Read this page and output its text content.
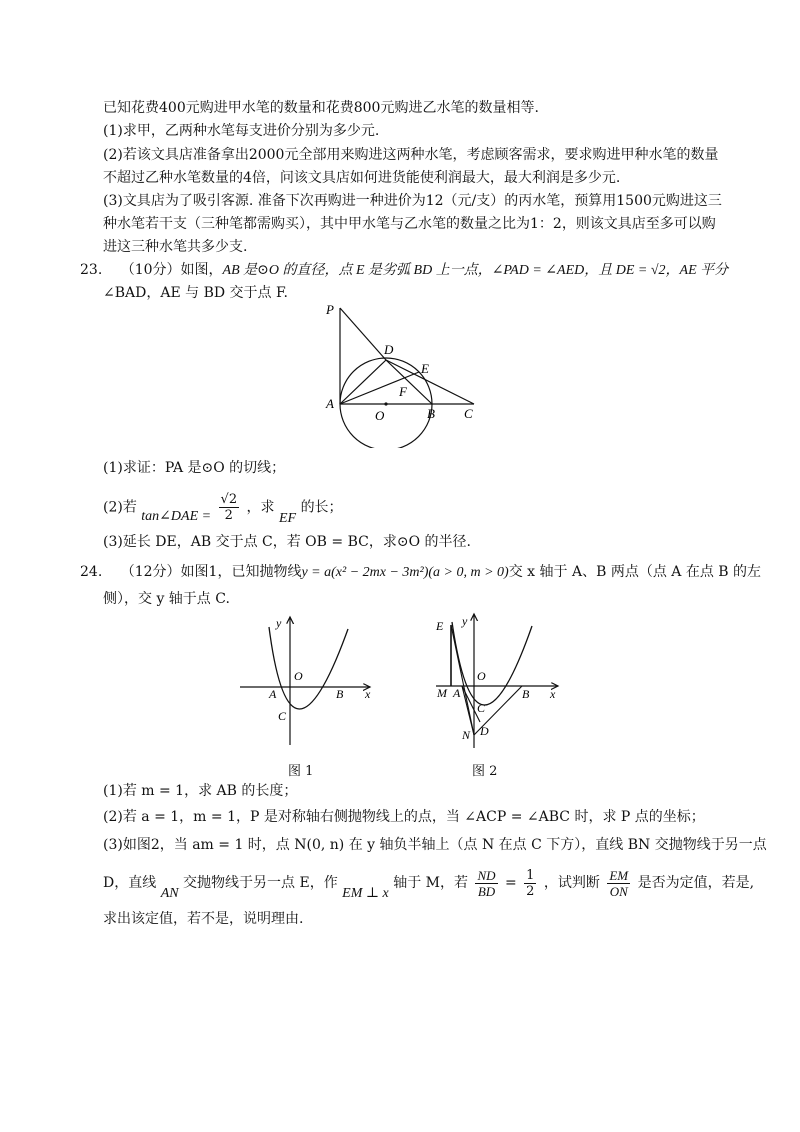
已知花费400元购进甲水笔的数量和花费800元购进乙水笔的数量相等.
(1)求甲，乙两种水笔每支进价分别为多少元.
(2)若该文具店准备拿出2000元全部用来购进这两种水笔，考虑顾客需求，要求购进甲种水笔的数量
不超过乙种水笔数量的4倍，问该文具店如何进货能使利润最大，最大利润是多少元.
(3)文具店为了吸引客源. 准备下次再购进一种进价为12（元/支）的丙水笔，预算用1500元购进这三
种水笔若干支（三种笔都需购买），其中甲水笔与乙水笔的数量之比为1：2，则该文具店至多可以购
进这三种水笔共多少支.
23. （10分）如图，AB 是⊙O 的直径，点 E 是劣弧 BD 上一点，∠PAD = ∠AED，且 DE = √2，AE 平分
∠BAD，AE 与 BD 交于点 F.
P
D
E
F
A
O	B C
(1)求证：PA 是⊙O 的切线；
(2)若 tan∠DAE = $\frac{√2}{2}$ ，求 EF 的长；
(3)延长 DE，AB 交于点 C，若 OB = BC，求⊙O 的半径.
24. （12分）如图1，已知抛物线y = a(x² − 2mx − 3m²)(a > 0, m > 0)交 x 轴于 A、B 两点（点 A 在点 B 的左
侧），交 y 轴于点 C.
y
O
A	B x
C
E y
O
M A	B x
C
N D
图 1	图 2
(1)若 m = 1，求 AB 的长度；
(2)若 a = 1，m = 1，P 是对称轴右侧抛物线上的点，当 ∠ACP = ∠ABC 时，求 P 点的坐标；
(3)如图2，当 am = 1 时，点 N(0, n) 在 y 轴负半轴上（点 N 在点 C 下方），直线 BN 交抛物线于另一点
D，直线 AN 交抛物线于另一点 E，作 EM ⊥ x 轴于 M，若 $\frac{ND}{BD} = \frac{1}{2}$ ，试判断 $\frac{EM}{ON}$ 是否为定值，若是,
求出该定值，若不是，说明理由.
